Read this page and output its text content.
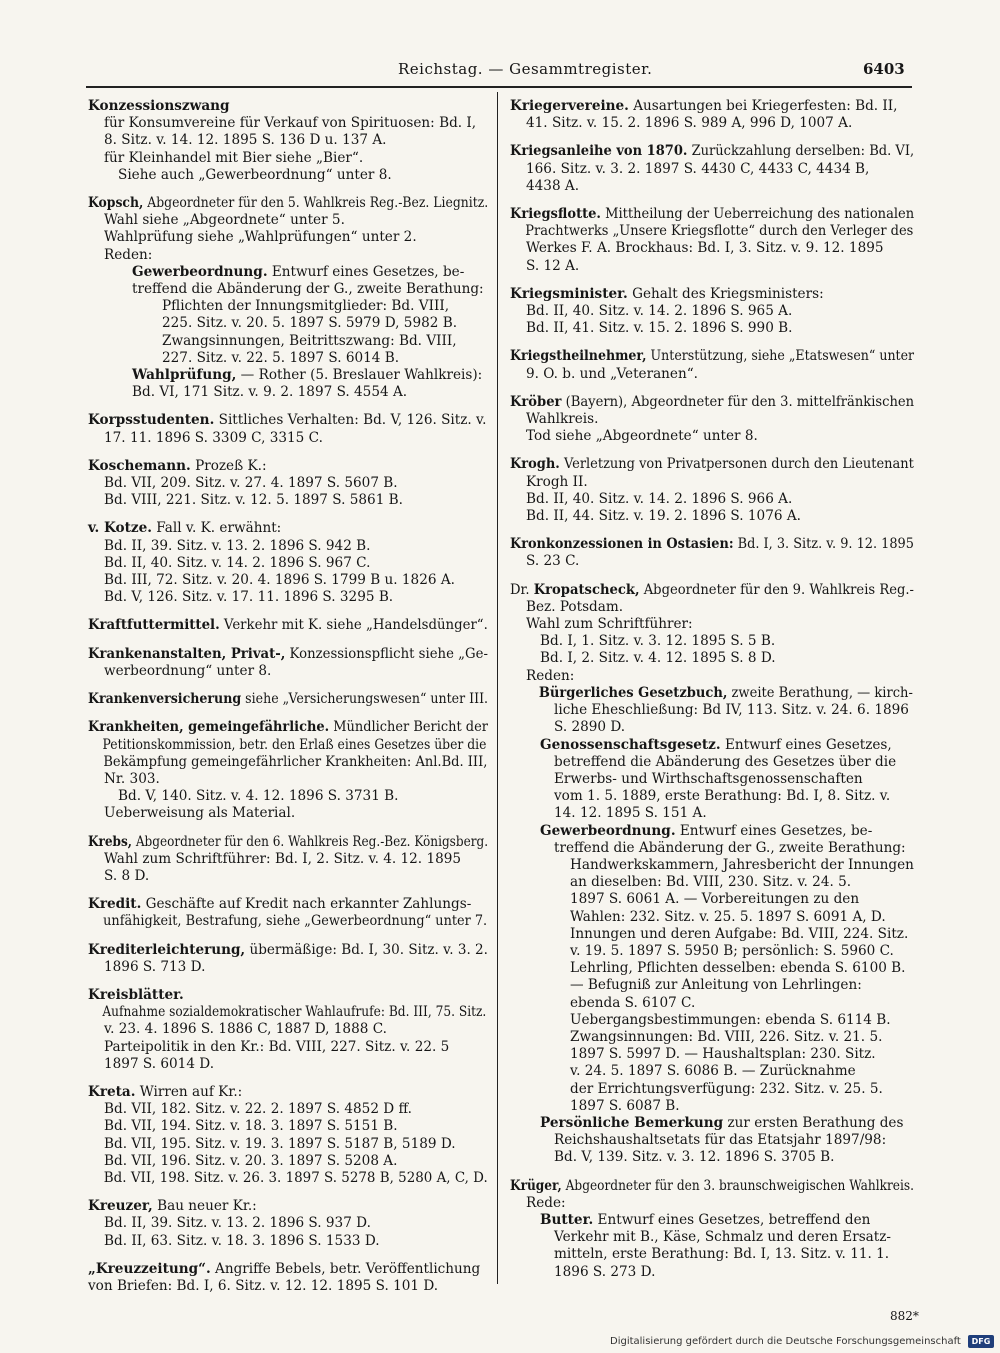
Reichstag. — Gesammtregister.	6403
Konzessionszwang
für Konsumvereine für Verkauf von Spirituosen: Bd. I,
8. Sitz. v. 14. 12. 1895 S. 136 D u. 137 A.
für Kleinhandel mit Bier siehe „Bier“.
Siehe auch „Gewerbeordnung“ unter 8.
Kopsch, Abgeordneter für den 5. Wahlkreis Reg.-Bez. Liegnitz.
Wahl siehe „Abgeordnete“ unter 5.
Wahlprüfung siehe „Wahlprüfungen“ unter 2.
Reden:
Gewerbeordnung. Entwurf eines Gesetzes, be-
treffend die Abänderung der G., zweite Berathung:
Pflichten der Innungsmitglieder: Bd. VIII,
225. Sitz. v. 20. 5. 1897 S. 5979 D, 5982 B.
Zwangsinnungen, Beitrittszwang: Bd. VIII,
227. Sitz. v. 22. 5. 1897 S. 6014 B.
Wahlprüfung, — Rother (5. Breslauer Wahlkreis):
Bd. VI, 171 Sitz. v. 9. 2. 1897 S. 4554 A.
Korpsstudenten. Sittliches Verhalten: Bd. V, 126. Sitz. v.
17. 11. 1896 S. 3309 C, 3315 C.
Koschemann. Prozeß K.:
Bd. VII, 209. Sitz. v. 27. 4. 1897 S. 5607 B.
Bd. VIII, 221. Sitz. v. 12. 5. 1897 S. 5861 B.
v. Kotze. Fall v. K. erwähnt:
Bd. II, 39. Sitz. v. 13. 2. 1896 S. 942 B.
Bd. II, 40. Sitz. v. 14. 2. 1896 S. 967 C.
Bd. III, 72. Sitz. v. 20. 4. 1896 S. 1799 B u. 1826 A.
Bd. V, 126. Sitz. v. 17. 11. 1896 S. 3295 B.
Kraftfuttermittel. Verkehr mit K. siehe „Handelsdünger“.
Krankenanstalten, Privat-, Konzessionspflicht siehe „Ge-
werbeordnung“ unter 8.
Krankenversicherung siehe „Versicherungswesen“ unter III.
Krankheiten, gemeingefährliche. Mündlicher Bericht der
Petitionskommission, betr. den Erlaß eines Gesetzes über die
Bekämpfung gemeingefährlicher Krankheiten: Anl.Bd. III,
Nr. 303.
Bd. V, 140. Sitz. v. 4. 12. 1896 S. 3731 B.
Ueberweisung als Material.
Krebs, Abgeordneter für den 6. Wahlkreis Reg.-Bez. Königsberg.
Wahl zum Schriftführer: Bd. I, 2. Sitz. v. 4. 12. 1895
S. 8 D.
Kredit. Geschäfte auf Kredit nach erkannter Zahlungs-
unfähigkeit, Bestrafung, siehe „Gewerbeordnung“ unter 7.
Krediterleichterung, übermäßige: Bd. I, 30. Sitz. v. 3. 2.
1896 S. 713 D.
Kreisblätter.
Aufnahme sozialdemokratischer Wahlaufrufe: Bd. III, 75. Sitz.
v. 23. 4. 1896 S. 1886 C, 1887 D, 1888 C.
Parteipolitik in den Kr.: Bd. VIII, 227. Sitz. v. 22. 5
1897 S. 6014 D.
Kreta. Wirren auf Kr.:
Bd. VII, 182. Sitz. v. 22. 2. 1897 S. 4852 D ff.
Bd. VII, 194. Sitz. v. 18. 3. 1897 S. 5151 B.
Bd. VII, 195. Sitz. v. 19. 3. 1897 S. 5187 B, 5189 D.
Bd. VII, 196. Sitz. v. 20. 3. 1897 S. 5208 A.
Bd. VII, 198. Sitz. v. 26. 3. 1897 S. 5278 B, 5280 A, C, D.
Kreuzer, Bau neuer Kr.:
Bd. II, 39. Sitz. v. 13. 2. 1896 S. 937 D.
Bd. II, 63. Sitz. v. 18. 3. 1896 S. 1533 D.
„Kreuzzeitung“. Angriffe Bebels, betr. Veröffentlichung
von Briefen: Bd. I, 6. Sitz. v. 12. 12. 1895 S. 101 D.
Kriegervereine. Ausartungen bei Kriegerfesten: Bd. II,
41. Sitz. v. 15. 2. 1896 S. 989 A, 996 D, 1007 A.
Kriegsanleihe von 1870. Zurückzahlung derselben: Bd. VI,
166. Sitz. v. 3. 2. 1897 S. 4430 C, 4433 C, 4434 B,
4438 A.
Kriegsflotte. Mittheilung der Ueberreichung des nationalen
Prachtwerks „Unsere Kriegsflotte“ durch den Verleger des
Werkes F. A. Brockhaus: Bd. I, 3. Sitz. v. 9. 12. 1895
S. 12 A.
Kriegsminister. Gehalt des Kriegsministers:
Bd. II, 40. Sitz. v. 14. 2. 1896 S. 965 A.
Bd. II, 41. Sitz. v. 15. 2. 1896 S. 990 B.
Kriegstheilnehmer, Unterstützung, siehe „Etatswesen“ unter
9. O. b. und „Veteranen“.
Kröber (Bayern), Abgeordneter für den 3. mittelfränkischen
Wahlkreis.
Tod siehe „Abgeordnete“ unter 8.
Krogh. Verletzung von Privatpersonen durch den Lieutenant
Krogh II.
Bd. II, 40. Sitz. v. 14. 2. 1896 S. 966 A.
Bd. II, 44. Sitz. v. 19. 2. 1896 S. 1076 A.
Kronkonzessionen in Ostasien: Bd. I, 3. Sitz. v. 9. 12. 1895
S. 23 C.
Dr. Kropatscheck, Abgeordneter für den 9. Wahlkreis Reg.-
Bez. Potsdam.
Wahl zum Schriftführer:
Bd. I, 1. Sitz. v. 3. 12. 1895 S. 5 B.
Bd. I, 2. Sitz. v. 4. 12. 1895 S. 8 D.
Reden:
Bürgerliches Gesetzbuch, zweite Berathung, — kirch-
liche Eheschließung: Bd IV, 113. Sitz. v. 24. 6. 1896
S. 2890 D.
Genossenschaftsgesetz. Entwurf eines Gesetzes,
betreffend die Abänderung des Gesetzes über die
Erwerbs- und Wirthschaftsgenossenschaften
vom 1. 5. 1889, erste Berathung: Bd. I, 8. Sitz. v.
14. 12. 1895 S. 151 A.
Gewerbeordnung. Entwurf eines Gesetzes, be-
treffend die Abänderung der G., zweite Berathung:
Handwerkskammern, Jahresbericht der Innungen
an dieselben: Bd. VIII, 230. Sitz. v. 24. 5.
1897 S. 6061 A. — Vorbereitungen zu den
Wahlen: 232. Sitz. v. 25. 5. 1897 S. 6091 A, D.
Innungen und deren Aufgabe: Bd. VIII, 224. Sitz.
v. 19. 5. 1897 S. 5950 B; persönlich: S. 5960 C.
Lehrling, Pflichten desselben: ebenda S. 6100 B.
— Befugniß zur Anleitung von Lehrlingen:
ebenda S. 6107 C.
Uebergangsbestimmungen: ebenda S. 6114 B.
Zwangsinnungen: Bd. VIII, 226. Sitz. v. 21. 5.
1897 S. 5997 D. — Haushaltsplan: 230. Sitz.
v. 24. 5. 1897 S. 6086 B. — Zurücknahme
der Errichtungsverfügung: 232. Sitz. v. 25. 5.
1897 S. 6087 B.
Persönliche Bemerkung zur ersten Berathung des
Reichshaushaltsetats für das Etatsjahr 1897/98:
Bd. V, 139. Sitz. v. 3. 12. 1896 S. 3705 B.
Krüger, Abgeordneter für den 3. braunschweigischen Wahlkreis.
Rede:
Butter. Entwurf eines Gesetzes, betreffend den
Verkehr mit B., Käse, Schmalz und deren Ersatz-
mitteln, erste Berathung: Bd. I, 13. Sitz. v. 11. 1.
1896 S. 273 D.
882*
Digitalisierung gefördert durch die Deutsche Forschungsgemeinschaft	DFG
